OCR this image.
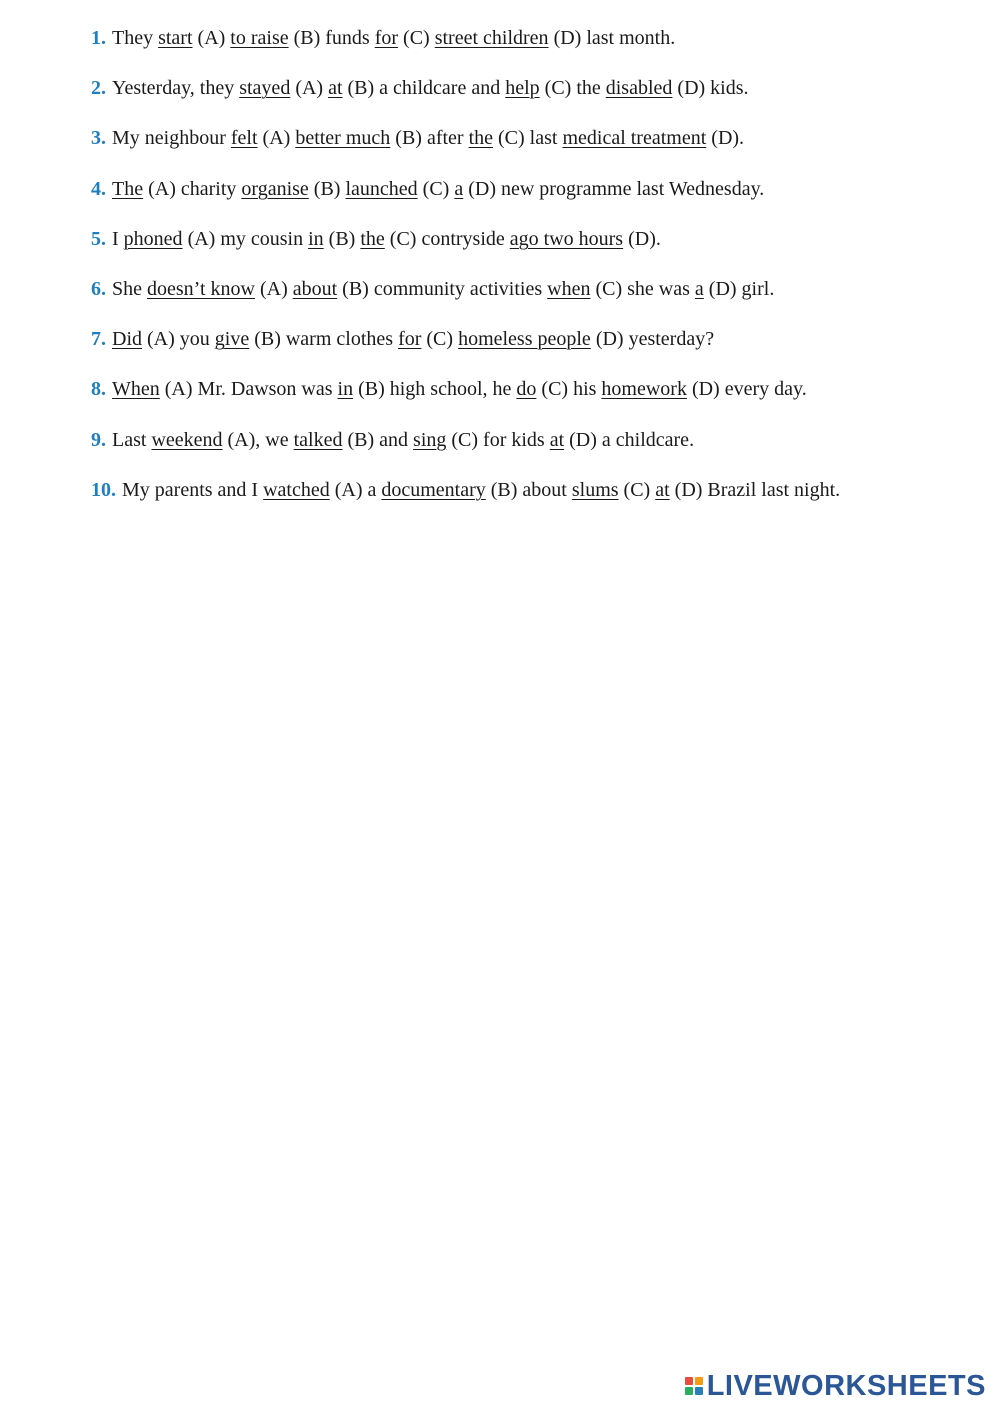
1. They start (A) to raise (B) funds for (C) street children (D) last month.
2. Yesterday, they stayed (A) at (B) a childcare and help (C) the disabled (D) kids.
3. My neighbour felt (A) better much (B) after the (C) last medical treatment (D).
4. The (A) charity organise (B) launched (C) a (D) new programme last Wednesday.
5. I phoned (A) my cousin in (B) the (C) contryside ago two hours (D).
6. She doesn’t know (A) about (B) community activities when (C) she was a (D) girl.
7. Did (A) you give (B) warm clothes for (C) homeless people (D) yesterday?
8. When (A) Mr. Dawson was in (B) high school, he do (C) his homework (D) every day.
9. Last weekend (A), we talked (B) and sing (C) for kids at (D) a childcare.
10. My parents and I watched (A) a documentary (B) about slums (C) at (D) Brazil last night.
LIVEWORKSHEETS
